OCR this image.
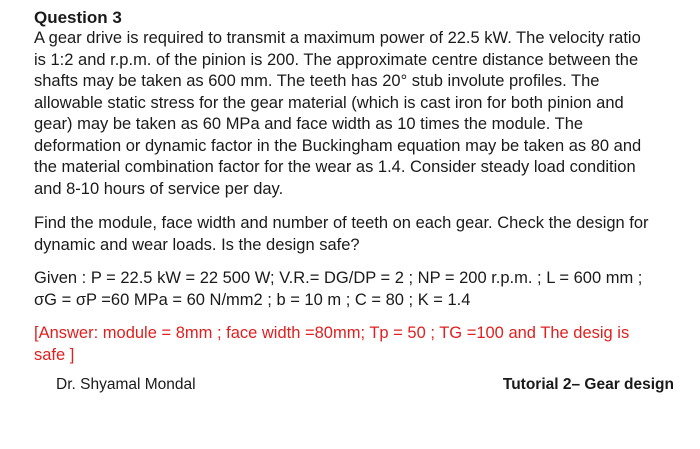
Question 3
A gear drive is required to transmit a maximum power of 22.5 kW. The velocity ratio
is 1:2 and r.p.m. of the pinion is 200. The approximate centre distance between the
shafts may be taken as 600 mm. The teeth has 20° stub involute profiles. The
allowable static stress for the gear material (which is cast iron for both pinion and
gear) may be taken as 60 MPa and face width as 10 times the module. The
deformation or dynamic factor in the Buckingham equation may be taken as 80 and
the material combination factor for the wear as 1.4. Consider steady load condition
and 8-10 hours of service per day.
Find the module, face width and number of teeth on each gear. Check the design for
dynamic and wear loads. Is the design safe?
Given : P = 22.5 kW = 22 500 W; V.R.= DG/DP = 2 ; NP = 200 r.p.m. ; L = 600 mm ;
σG = σP =60 MPa = 60 N/mm2 ; b = 10 m ; C = 80 ; K = 1.4
[Answer: module = 8mm ; face width =80mm; Tp = 50 ; TG =100 and The desig is
safe ]
Dr. Shyamal Mondal	Tutorial 2– Gear design
